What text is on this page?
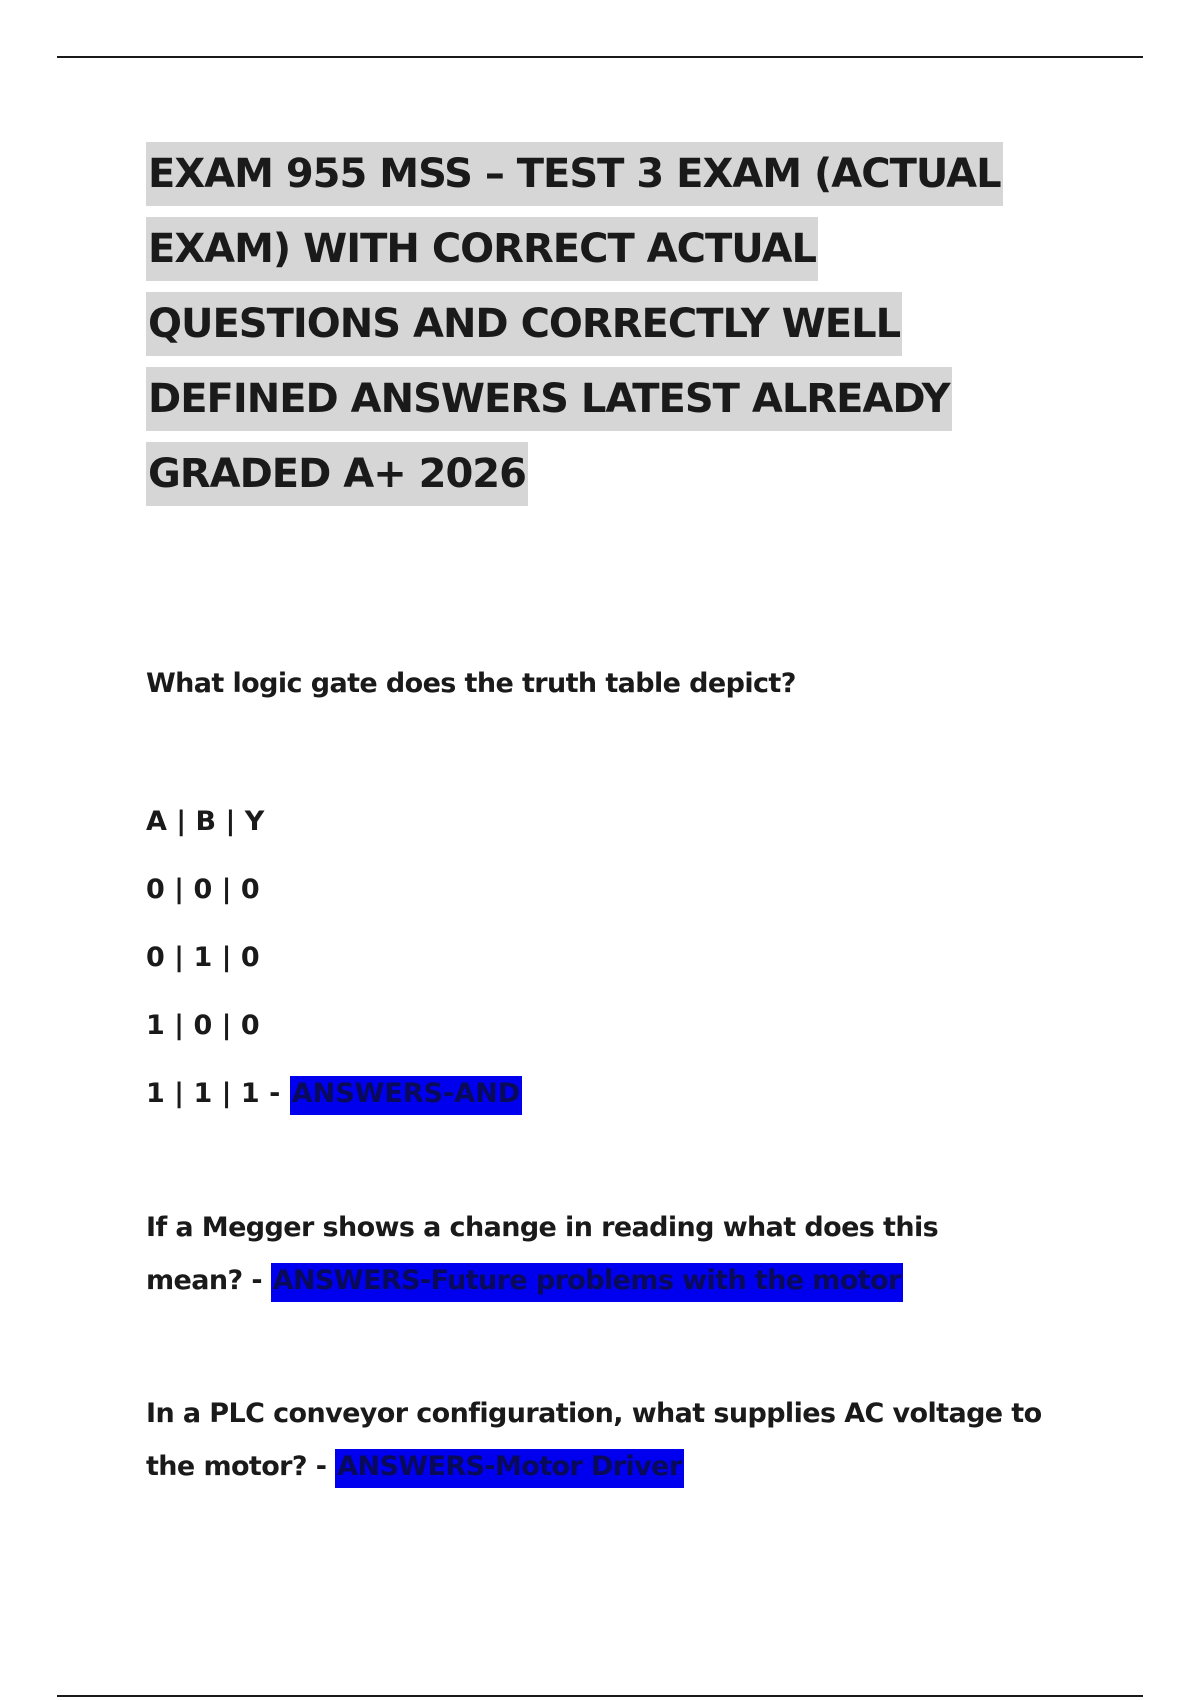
EXAM 955 MSS – TEST 3 EXAM (ACTUAL
EXAM) WITH CORRECT ACTUAL
QUESTIONS AND CORRECTLY WELL
DEFINED ANSWERS LATEST ALREADY
GRADED A+ 2026

What logic gate does the truth table depict?

A | B | Y
0 | 0 | 0
0 | 1 | 0
1 | 0 | 0
1 | 1 | 1 - ANSWERS-AND

If a Megger shows a change in reading what does this

mean? - ANSWERS-Future problems with the motor

In a PLC conveyor configuration, what supplies AC voltage to

the motor? - ANSWERS-Motor Driver
